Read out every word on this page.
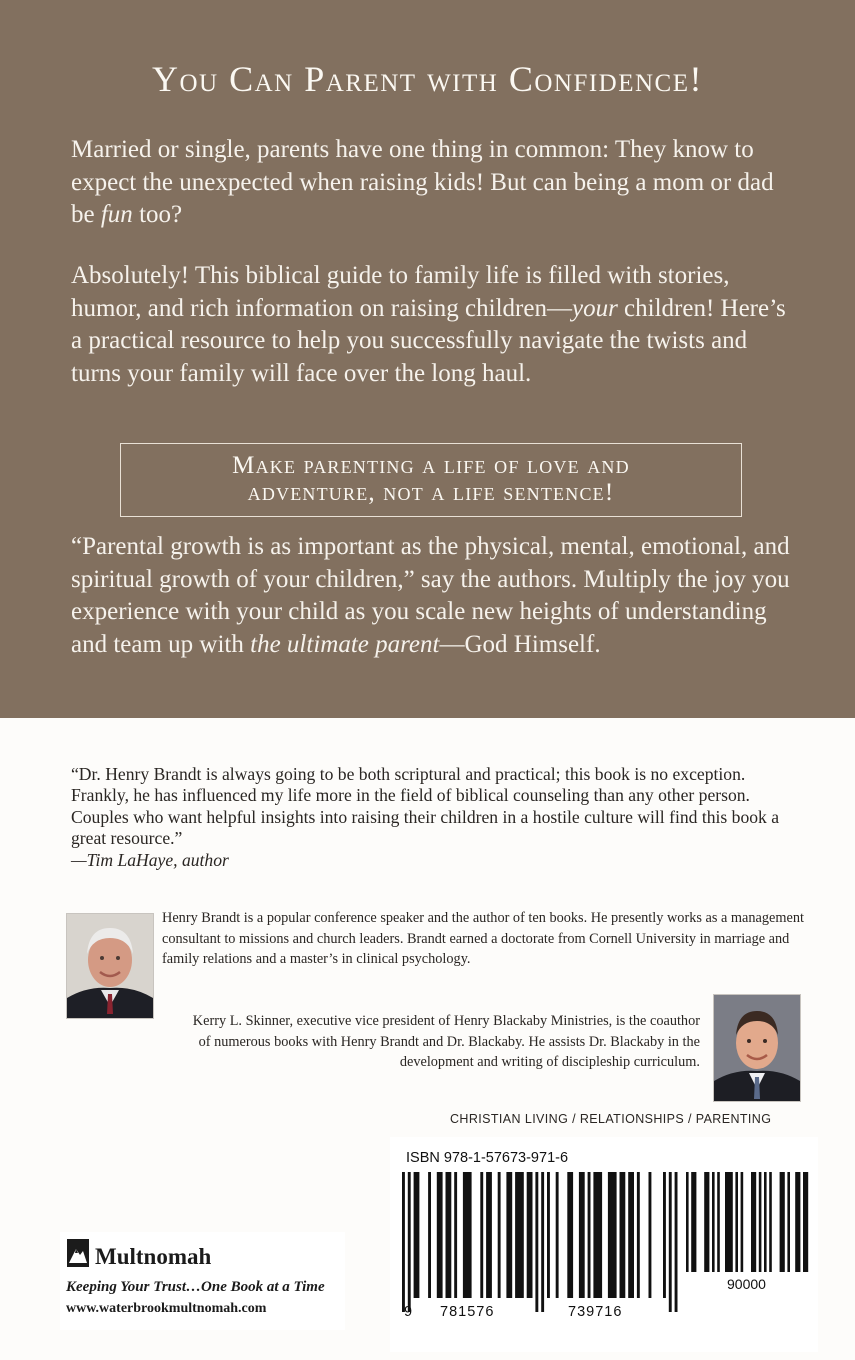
You Can Parent with Confidence!
Married or single, parents have one thing in common: They know to expect the unexpected when raising kids! But can being a mom or dad be fun too?
Absolutely! This biblical guide to family life is filled with stories, humor, and rich information on raising children—your children! Here’s a practical resource to help you successfully navigate the twists and turns your family will face over the long haul.
Make parenting a life of love and
adventure, not a life sentence!
“Parental growth is as important as the physical, mental, emotional, and spiritual growth of your children,” say the authors. Multiply the joy you experience with your child as you scale new heights of understanding and team up with the ultimate parent—God Himself.
“Dr. Henry Brandt is always going to be both scriptural and practical; this book is no exception. Frankly, he has influenced my life more in the field of biblical counseling than any other person. Couples who want helpful insights into raising their children in a hostile culture will find this book a great resource.”
—Tim LaHaye, author
Henry Brandt is a popular conference speaker and the author of ten books. He presently works as a management consultant to missions and church leaders. Brandt earned a doctorate from Cornell University in marriage and family relations and a master’s in clinical psychology.
Kerry L. Skinner, executive vice president of Henry Blackaby Ministries, is the coauthor of numerous books with Henry Brandt and Dr. Blackaby. He assists Dr. Blackaby in the development and writing of discipleship curriculum.
CHRISTIAN LIVING / RELATIONSHIPS / PARENTING
ISBN 978-1-57673-971-6
9 781576	739716
90000
Multnomah
Keeping Your Trust…One Book at a Time
www.waterbrookmultnomah.com
